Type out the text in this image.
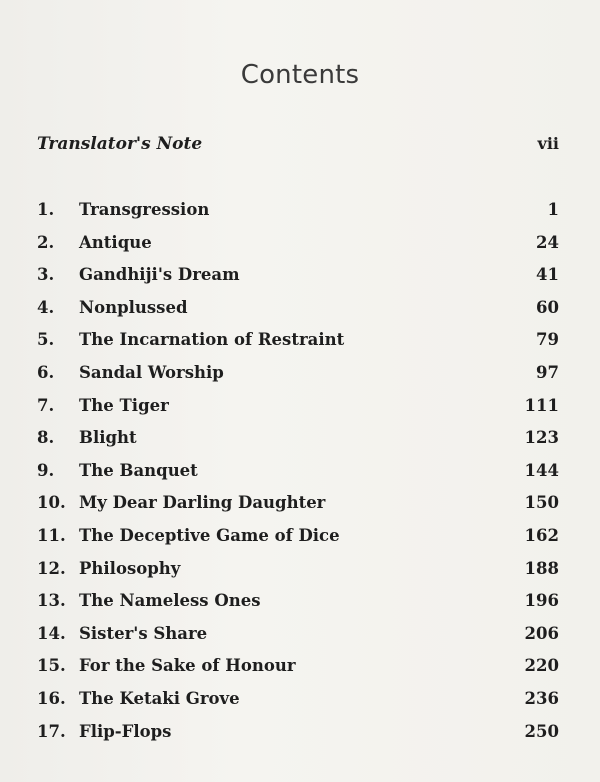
Contents
Translator's Note	vii
1.	Transgression	1
2.	Antique	24
3.	Gandhiji's Dream	41
4.	Nonplussed	60
5.	The Incarnation of Restraint	79
6.	Sandal Worship	97
7.	The Tiger	111
8.	Blight	123
9.	The Banquet	144
10. My Dear Darling Daughter	150
11. The Deceptive Game of Dice	162
12. Philosophy	188
13. The Nameless Ones	196
14. Sister's Share	206
15. For the Sake of Honour	220
16. The Ketaki Grove	236
17. Flip-Flops	250
